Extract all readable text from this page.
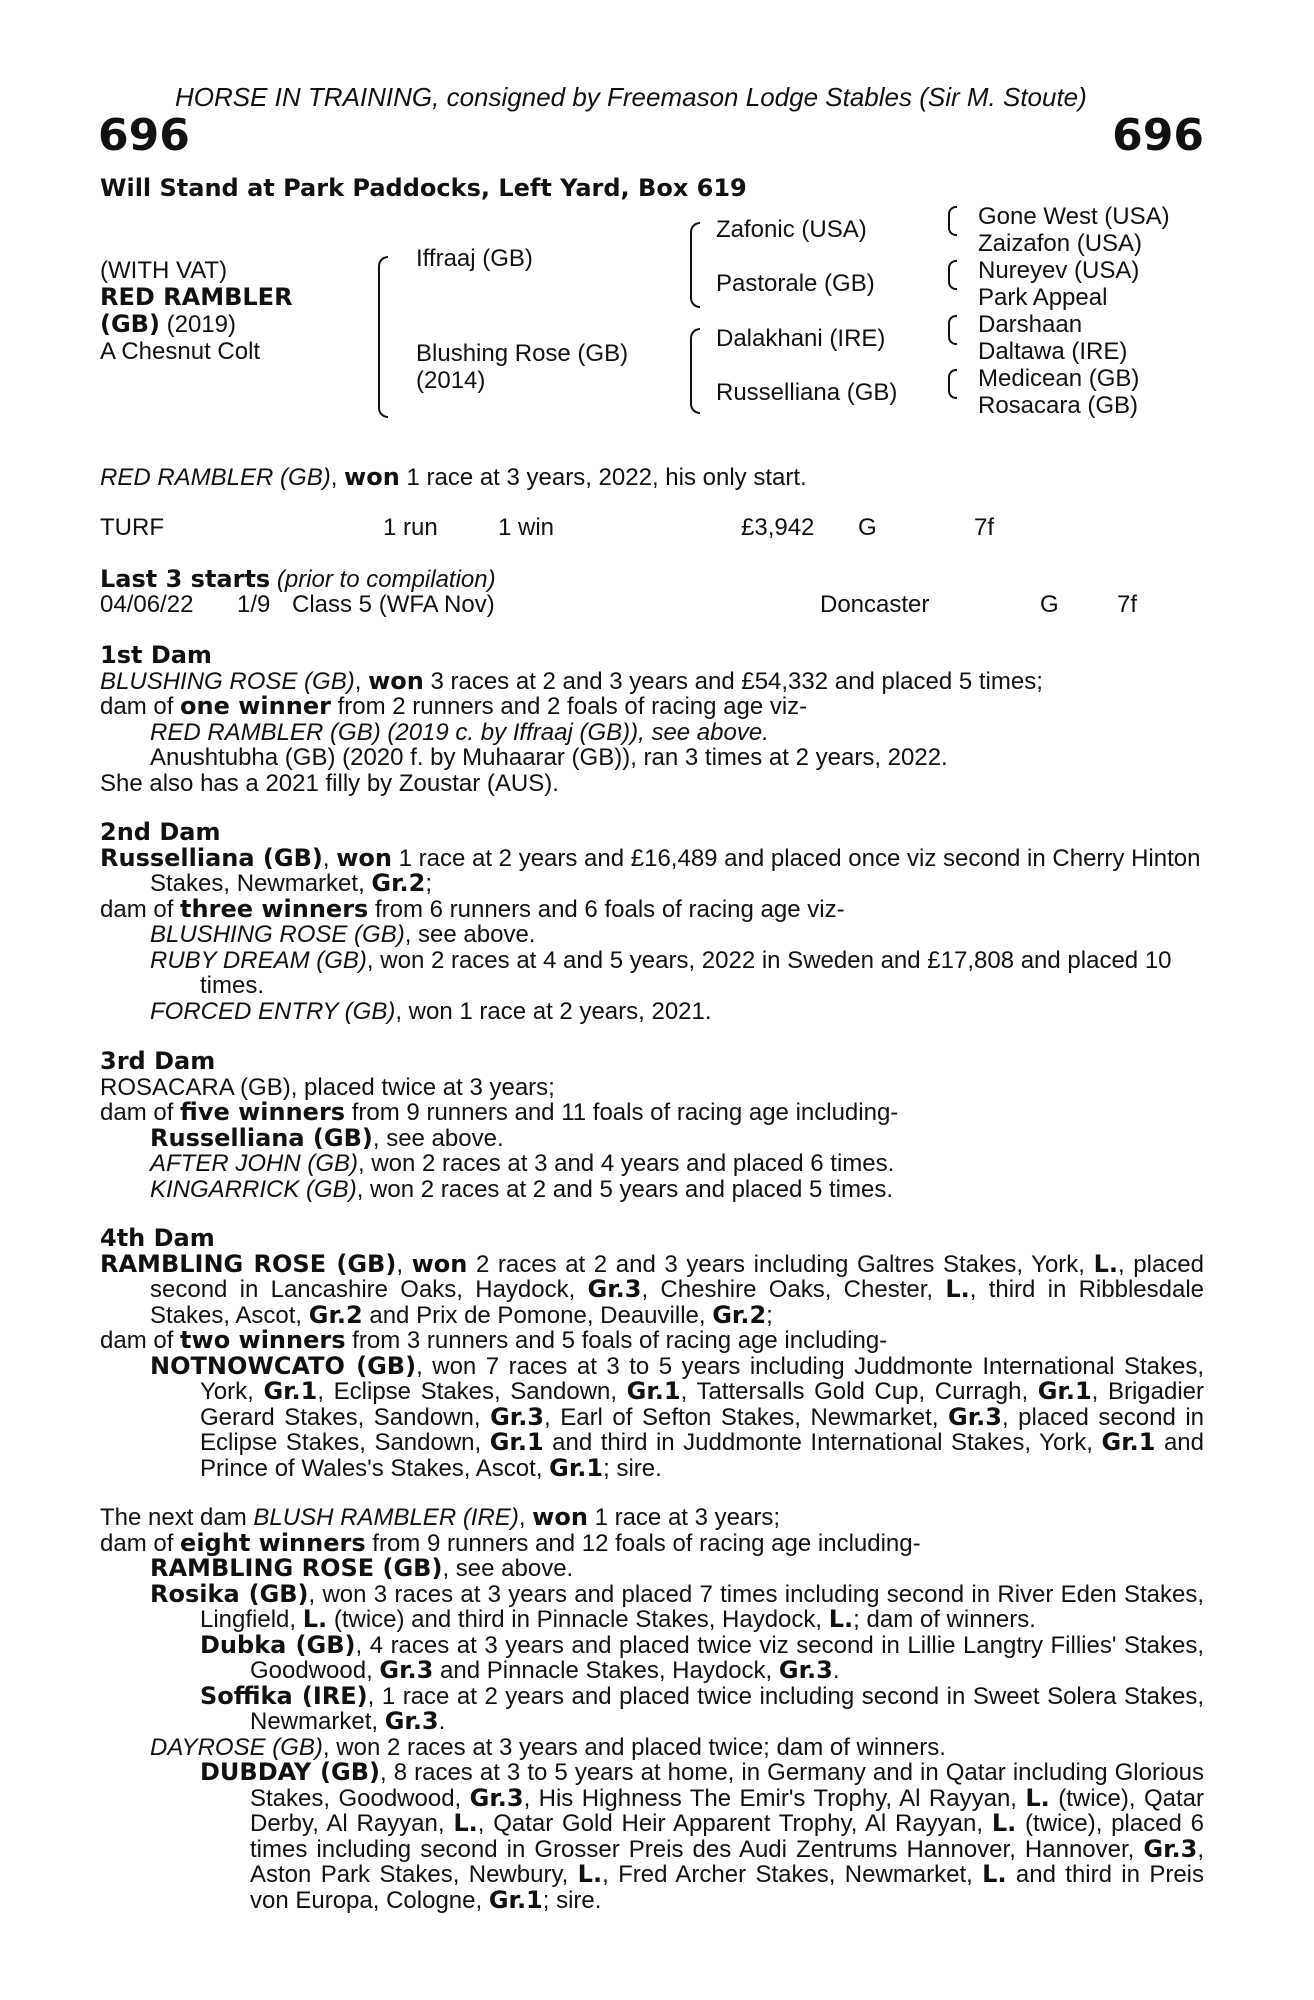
HORSE IN TRAINING, consigned by Freemason Lodge Stables (Sir M. Stoute)
696	696
Will Stand at Park Paddocks, Left Yard, Box 619
(WITH VAT)
RED RAMBLER
(GB) (2019)
A Chesnut Colt
Iffraaj (GB)
Blushing Rose (GB)
(2014)
Zafonic (USA)
Pastorale (GB)
Dalakhani (IRE)
Russelliana (GB)
Gone West (USA)
Zaizafon (USA)
Nureyev (USA)
Park Appeal
Darshaan
Daltawa (IRE)
Medicean (GB)
Rosacara (GB)
RED RAMBLER (GB), won 1 race at 3 years, 2022, his only start.
TURF	1 run	1 win	£3,942 G	7f
Last 3 starts (prior to compilation)
04/06/22 1/9 Class 5 (WFA Nov)	Doncaster	G 7f

1st Dam

BLUSHING ROSE (GB), won 3 races at 2 and 3 years and £54,332 and placed 5 times;

dam of one winner from 2 runners and 2 foals of racing age viz-

RED RAMBLER (GB) (2019 c. by Iffraaj (GB)), see above.

Anushtubha (GB) (2020 f. by Muhaarar (GB)), ran 3 times at 2 years, 2022.

She also has a 2021 filly by Zoustar (AUS).

2nd Dam

Russelliana (GB), won 1 race at 2 years and £16,489 and placed once viz second in Cherry Hinton Stakes, Newmarket, Gr.2;

dam of three winners from 6 runners and 6 foals of racing age viz-

BLUSHING ROSE (GB), see above.

RUBY DREAM (GB), won 2 races at 4 and 5 years, 2022 in Sweden and £17,808 and placed 10 times.

FORCED ENTRY (GB), won 1 race at 2 years, 2021.

3rd Dam

ROSACARA (GB), placed twice at 3 years;

dam of five winners from 9 runners and 11 foals of racing age including-

Russelliana (GB), see above.

AFTER JOHN (GB), won 2 races at 3 and 4 years and placed 6 times.

KINGARRICK (GB), won 2 races at 2 and 5 years and placed 5 times.

4th Dam

RAMBLING ROSE (GB), won 2 races at 2 and 3 years including Galtres Stakes, York, L., placed second in Lancashire Oaks, Haydock, Gr.3, Cheshire Oaks, Chester, L., third in Ribblesdale Stakes, Ascot, Gr.2 and Prix de Pomone, Deauville, Gr.2;

dam of two winners from 3 runners and 5 foals of racing age including-

NOTNOWCATO (GB), won 7 races at 3 to 5 years including Juddmonte International Stakes, York, Gr.1, Eclipse Stakes, Sandown, Gr.1, Tattersalls Gold Cup, Curragh, Gr.1, Brigadier Gerard Stakes, Sandown, Gr.3, Earl of Sefton Stakes, Newmarket, Gr.3, placed second in Eclipse Stakes, Sandown, Gr.1 and third in Juddmonte International Stakes, York, Gr.1 and Prince of Wales's Stakes, Ascot, Gr.1; sire.

The next dam BLUSH RAMBLER (IRE), won 1 race at 3 years;

dam of eight winners from 9 runners and 12 foals of racing age including-

RAMBLING ROSE (GB), see above.

Rosika (GB), won 3 races at 3 years and placed 7 times including second in River Eden Stakes, Lingfield, L. (twice) and third in Pinnacle Stakes, Haydock, L.; dam of winners.

Dubka (GB), 4 races at 3 years and placed twice viz second in Lillie Langtry Fillies' Stakes, Goodwood, Gr.3 and Pinnacle Stakes, Haydock, Gr.3.

Soffika (IRE), 1 race at 2 years and placed twice including second in Sweet Solera Stakes, Newmarket, Gr.3.

DAYROSE (GB), won 2 races at 3 years and placed twice; dam of winners.

DUBDAY (GB), 8 races at 3 to 5 years at home, in Germany and in Qatar including Glorious Stakes, Goodwood, Gr.3, His Highness The Emir's Trophy, Al Rayyan, L. (twice), Qatar Derby, Al Rayyan, L., Qatar Gold Heir Apparent Trophy, Al Rayyan, L. (twice), placed 6 times including second in Grosser Preis des Audi Zentrums Hannover, Hannover, Gr.3, Aston Park Stakes, Newbury, L., Fred Archer Stakes, Newmarket, L. and third in Preis von Europa, Cologne, Gr.1; sire.
